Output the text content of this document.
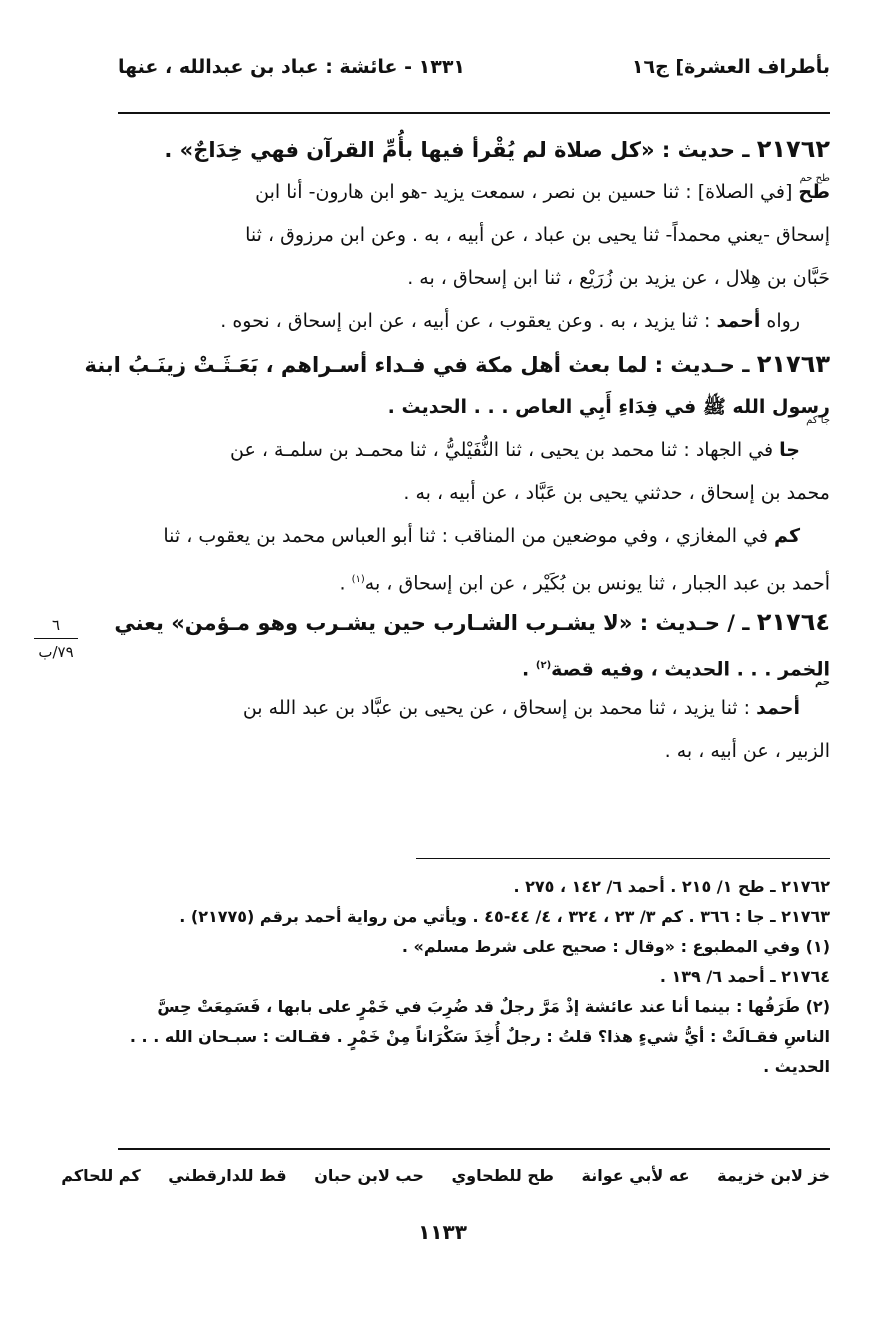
بأطراف العشرة] ج١٦
١٣٣١ - عائشة : عباد بن عبدالله ، عنها
٢١٧٦٢ ـ حديث : «كل صلاة لم يُقْرأ فيها بأُمِّ القرآن فهي خِدَاجٌ» .
طح حم
طح [في الصلاة] : ثنا حسين بن نصر ، سمعت يزيد -هو ابن هارون- أنا ابن
إسحاق -يعني محمداً- ثنا يحيى بن عباد ، عن أبيه ، به . وعن ابن مرزوق ، ثنا
حَبَّان بن هِلال ، عن يزيد بن زُرَيْع ، ثنا ابن إسحاق ، به .
رواه أحمد : ثنا يزيد ، به . وعن يعقوب ، عن أبيه ، عن ابن إسحاق ، نحوه .
٢١٧٦٣ ـ حـديث : لما بعث أهل مكة في فـداء أسـراهم ، بَعَـثَـتْ زينَـبُ ابنة
جا كم
رسول الله ﷺ في فِدَاءِ أَبِي العاص . . . الحديث .
جا في الجهاد : ثنا محمد بن يحيى ، ثنا النُّفَيْليُّ ، ثنا محمـد بن سلمـة ، عن
محمد بن إسحاق ، حدثني يحيى بن عَبَّاد ، عن أبيه ، به .
كم في المغازي ، وفي موضعين من المناقب : ثنا أبو العباس محمد بن يعقوب ، ثنا
أحمد بن عبد الجبار ، ثنا يونس بن بُكَيْر ، عن ابن إسحاق ، به$^{(١)}$ .
٢١٧٦٤ ـ / حـديث : «لا يشـرب الشـارب حين يشـرب وهو مـؤمن» يعني
حم
الخمر . . . الحديث ، وفيه قصة$^{(٢)}$ .
أحمد : ثنا يزيد ، ثنا محمد بن إسحاق ، عن يحيى بن عبَّاد بن عبد الله بن
الزبير ، عن أبيه ، به .
٦
٧٩/ب
٢١٧٦٢ ـ طح ١/ ٢١٥ . أحمد ٦/ ١٤٢ ، ٢٧٥ .
٢١٧٦٣ ـ جا : ٣٦٦ . كم ٣/ ٢٣ ، ٣٢٤ ، ٤/ ٤٤-٤٥ . ويأتي من رواية أحمد برقم (٢١٧٧٥) .
(١) وفي المطبوع : «وقال : صحيح على شرط مسلم» .
٢١٧٦٤ ـ أحمد ٦/ ١٣٩ .
(٢) طَرَفُها : بينما أنا عند عائشة إذْ مَرَّ رجلٌ قد ضُرِبَ في خَمْرٍ على بابها ، فَسَمِعَتْ حِسَّ
الناسِ فقـالَتْ : أيُّ شيءٍ هذا؟ قلتُ : رجلٌ أُخِذَ سَكْرَاناً مِنْ خَمْرٍ . فقـالت : سبـحان الله . . .
الحديث .
خز لابن خزيمة عه لأبي عوانة طح للطحاوي حب لابن حبان قط للدارقطني كم للحاكم
١١٣٣
